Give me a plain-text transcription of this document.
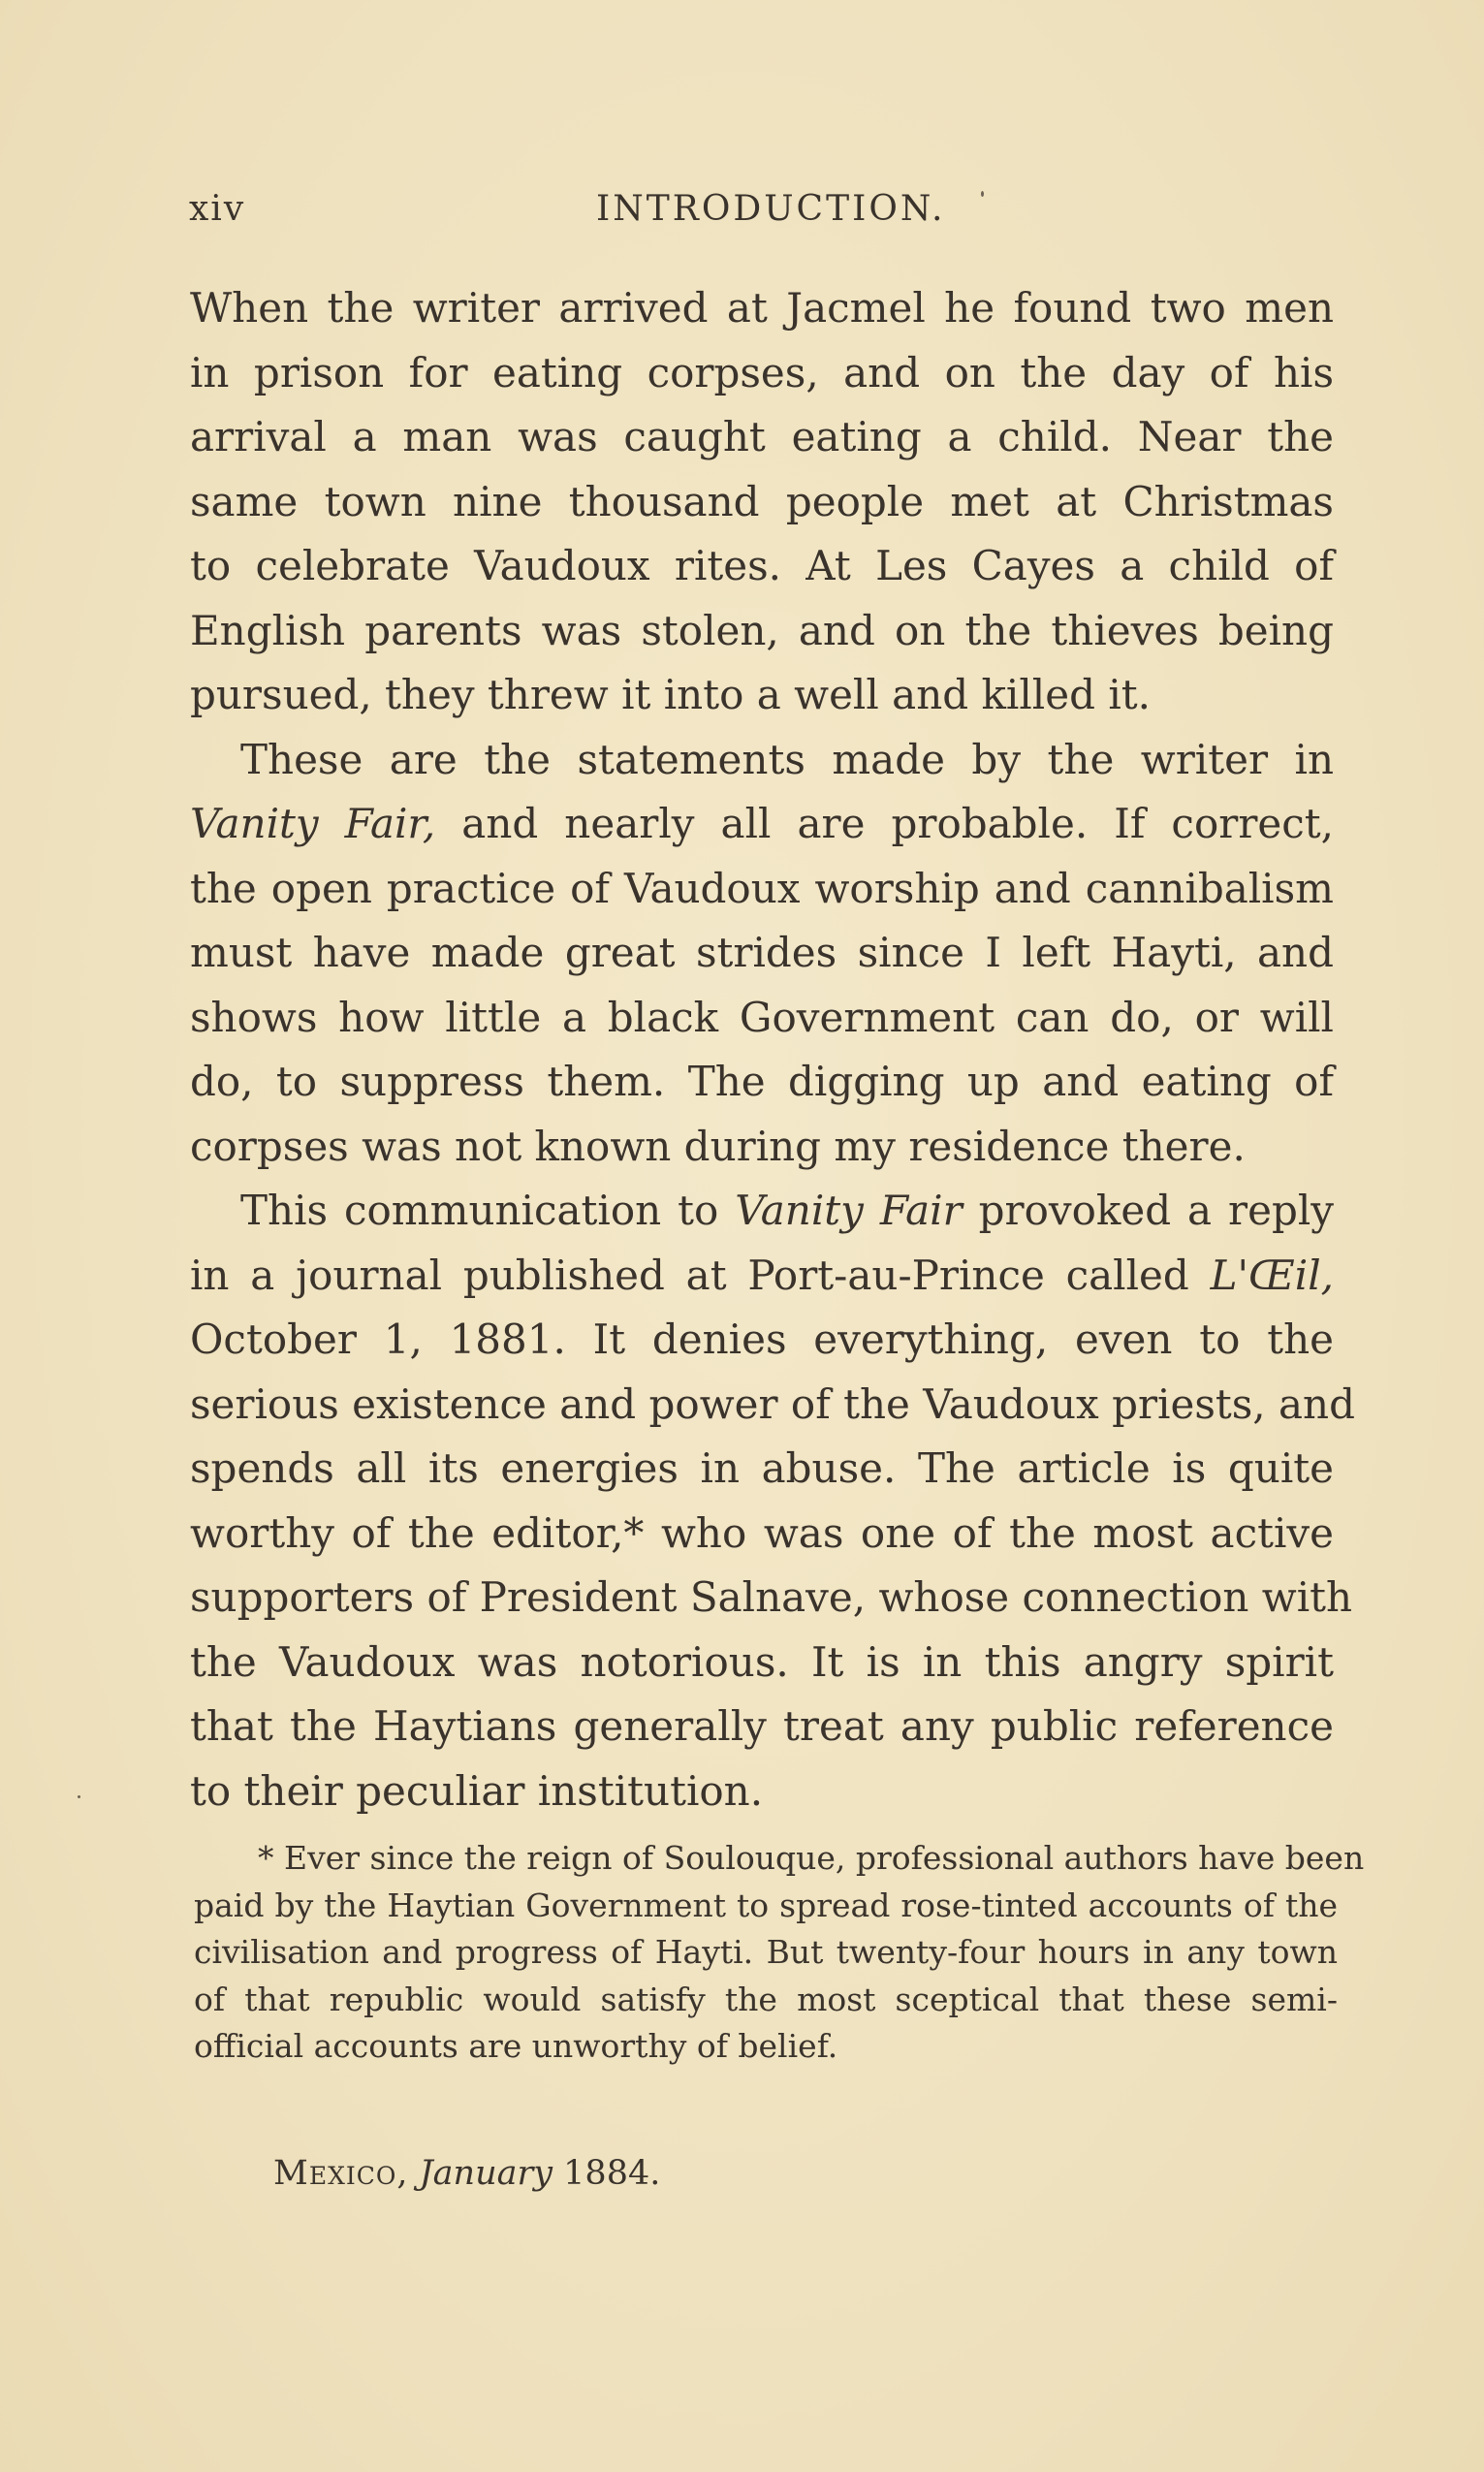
xiv	INTRODUCTION.

When the writer arrived at Jacmel he found two men
in prison for eating corpses, and on the day of his
arrival a man was caught eating a child. Near the
same town nine thousand people met at Christmas
to celebrate Vaudoux rites. At Les Cayes a child of
English parents was stolen, and on the thieves being
pursued, they threw it into a well and killed it.

These are the statements made by the writer in
Vanity Fair, and nearly all are probable. If correct,
the open practice of Vaudoux worship and cannibalism
must have made great strides since I left Hayti, and
shows how little a black Government can do, or will
do, to suppress them. The digging up and eating of
corpses was not known during my residence there.

This communication to Vanity Fair provoked a reply
in a journal published at Port-au-Prince called L'Œil,
October 1, 1881. It denies everything, even to the
serious existence and power of the Vaudoux priests, and
spends all its energies in abuse. The article is quite
worthy of the editor,* who was one of the most active
supporters of President Salnave, whose connection with
the Vaudoux was notorious. It is in this angry spirit
that the Haytians generally treat any public reference
to their peculiar institution.

* Ever since the reign of Soulouque, professional authors have been
paid by the Haytian Government to spread rose-tinted accounts of the
civilisation and progress of Hayti. But twenty-four hours in any town
of that republic would satisfy the most sceptical that these semi-
official accounts are unworthy of belief.
Mexico, January 1884.
